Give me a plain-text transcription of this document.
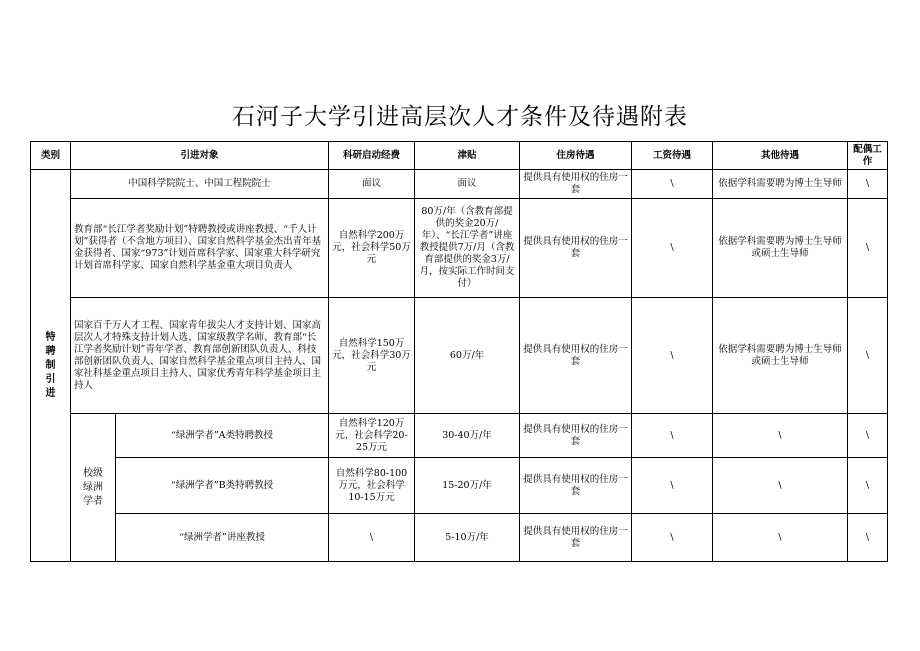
石河子大学引进高层次人才条件及待遇附表
类别	引进对象		科研启动经费	津贴	住房待遇	工资待遇	其他待遇	配偶工作
特聘制引进	中国科学院院士、中国工程院院士		面议	面议	提供具有使用权的住房一套	\	依据学科需要聘为博士生导师	\
	教育部“长江学者奖励计划”特聘教授或讲座教授、“千人计划”获得者（不含地方项目）、国家自然科学基金杰出青年基金获得者、国家“973”计划首席科学家、国家重大科学研究计划首席科学家、国家自然科学基金重大项目负责人		自然科学200万元，社会科学50万元	80万/年（含教育部提供的奖金20万/年）、“长江学者”讲座教授提供7万/月（含教育部提供的奖金3万/月，按实际工作时间支付）	提供具有使用权的住房一套	\	依据学科需要聘为博士生导师或硕士生导师	\
	国家百千万人才工程、国家青年拔尖人才支持计划、国家高层次人才特殊支持计划人选、国家级教学名师、教育部“长江学者奖励计划”青年学者、教育部创新团队负责人、科技部创新团队负责人、国家自然科学基金重点项目主持人、国家社科基金重点项目主持人、国家优秀青年科学基金项目主持人		自然科学150万元，社会科学30万元	60万/年	提供具有使用权的住房一套	\	依据学科需要聘为博士生导师或硕士生导师	\
	校级绿洲学者	“绿洲学者”A类特聘教授	自然科学120万元，社会科学20-25万元	30-40万/年	提供具有使用权的住房一套	\	\	\
		“绿洲学者”B类特聘教授	自然科学80-100万元，社会科学10-15万元	15-20万/年	提供具有使用权的住房一套	\	\	\
		“绿洲学者”讲座教授	\	5-10万/年	提供具有使用权的住房一套	\	\	\
